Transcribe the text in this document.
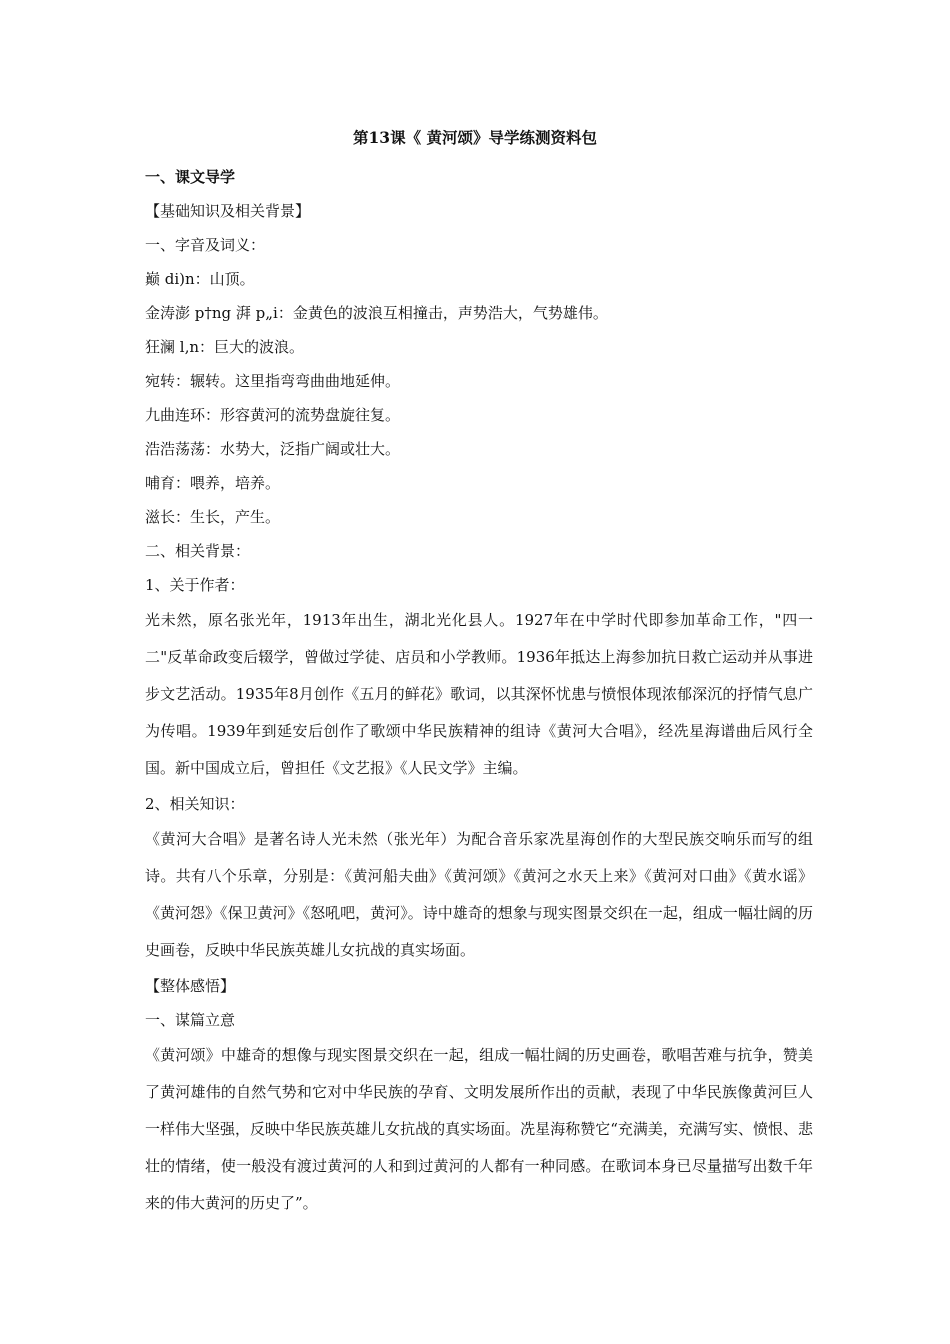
第13课《 黄河颂》导学练测资料包
一、课文导学
【基础知识及相关背景】
一、字音及词义：
巅 di)n：山顶。
金涛澎 p†ng 湃 p„i：金黄色的波浪互相撞击，声势浩大，气势雄伟。
狂澜 l‚n：巨大的波浪。
宛转：辗转。这里指弯弯曲曲地延伸。
九曲连环：形容黄河的流势盘旋往复。
浩浩荡荡：水势大，泛指广阔或壮大。
哺育：喂养，培养。
滋长：生长，产生。
二、相关背景：
1、关于作者：
光未然，原名张光年，1913年出生，湖北光化县人。1927年在中学时代即参加革命工作，"四一二"反革命政变后辍学，曾做过学徒、店员和小学教师。1936年抵达上海参加抗日救亡运动并从事进步文艺活动。1935年8月创作《五月的鲜花》歌词，以其深怀忧患与愤恨体现浓郁深沉的抒情气息广为传唱。1939年到延安后创作了歌颂中华民族精神的组诗《黄河大合唱》，经冼星海谱曲后风行全国。新中国成立后，曾担任《文艺报》《人民文学》主编。
2、相关知识：
《黄河大合唱》是著名诗人光未然（张光年）为配合音乐家冼星海创作的大型民族交响乐而写的组诗。共有八个乐章，分别是：《黄河船夫曲》《黄河颂》《黄河之水天上来》《黄河对口曲》《黄水谣》《黄河怨》《保卫黄河》《怒吼吧，黄河》。诗中雄奇的想象与现实图景交织在一起，组成一幅壮阔的历史画卷，反映中华民族英雄儿女抗战的真实场面。
【整体感悟】
一、谋篇立意
《黄河颂》中雄奇的想像与现实图景交织在一起，组成一幅壮阔的历史画卷，歌唱苦难与抗争，赞美了黄河雄伟的自然气势和它对中华民族的孕育、文明发展所作出的贡献，表现了中华民族像黄河巨人一样伟大坚强，反映中华民族英雄儿女抗战的真实场面。冼星海称赞它“充满美，充满写实、愤恨、悲壮的情绪，使一般没有渡过黄河的人和到过黄河的人都有一种同感。在歌词本身已尽量描写出数千年来的伟大黄河的历史了”。
